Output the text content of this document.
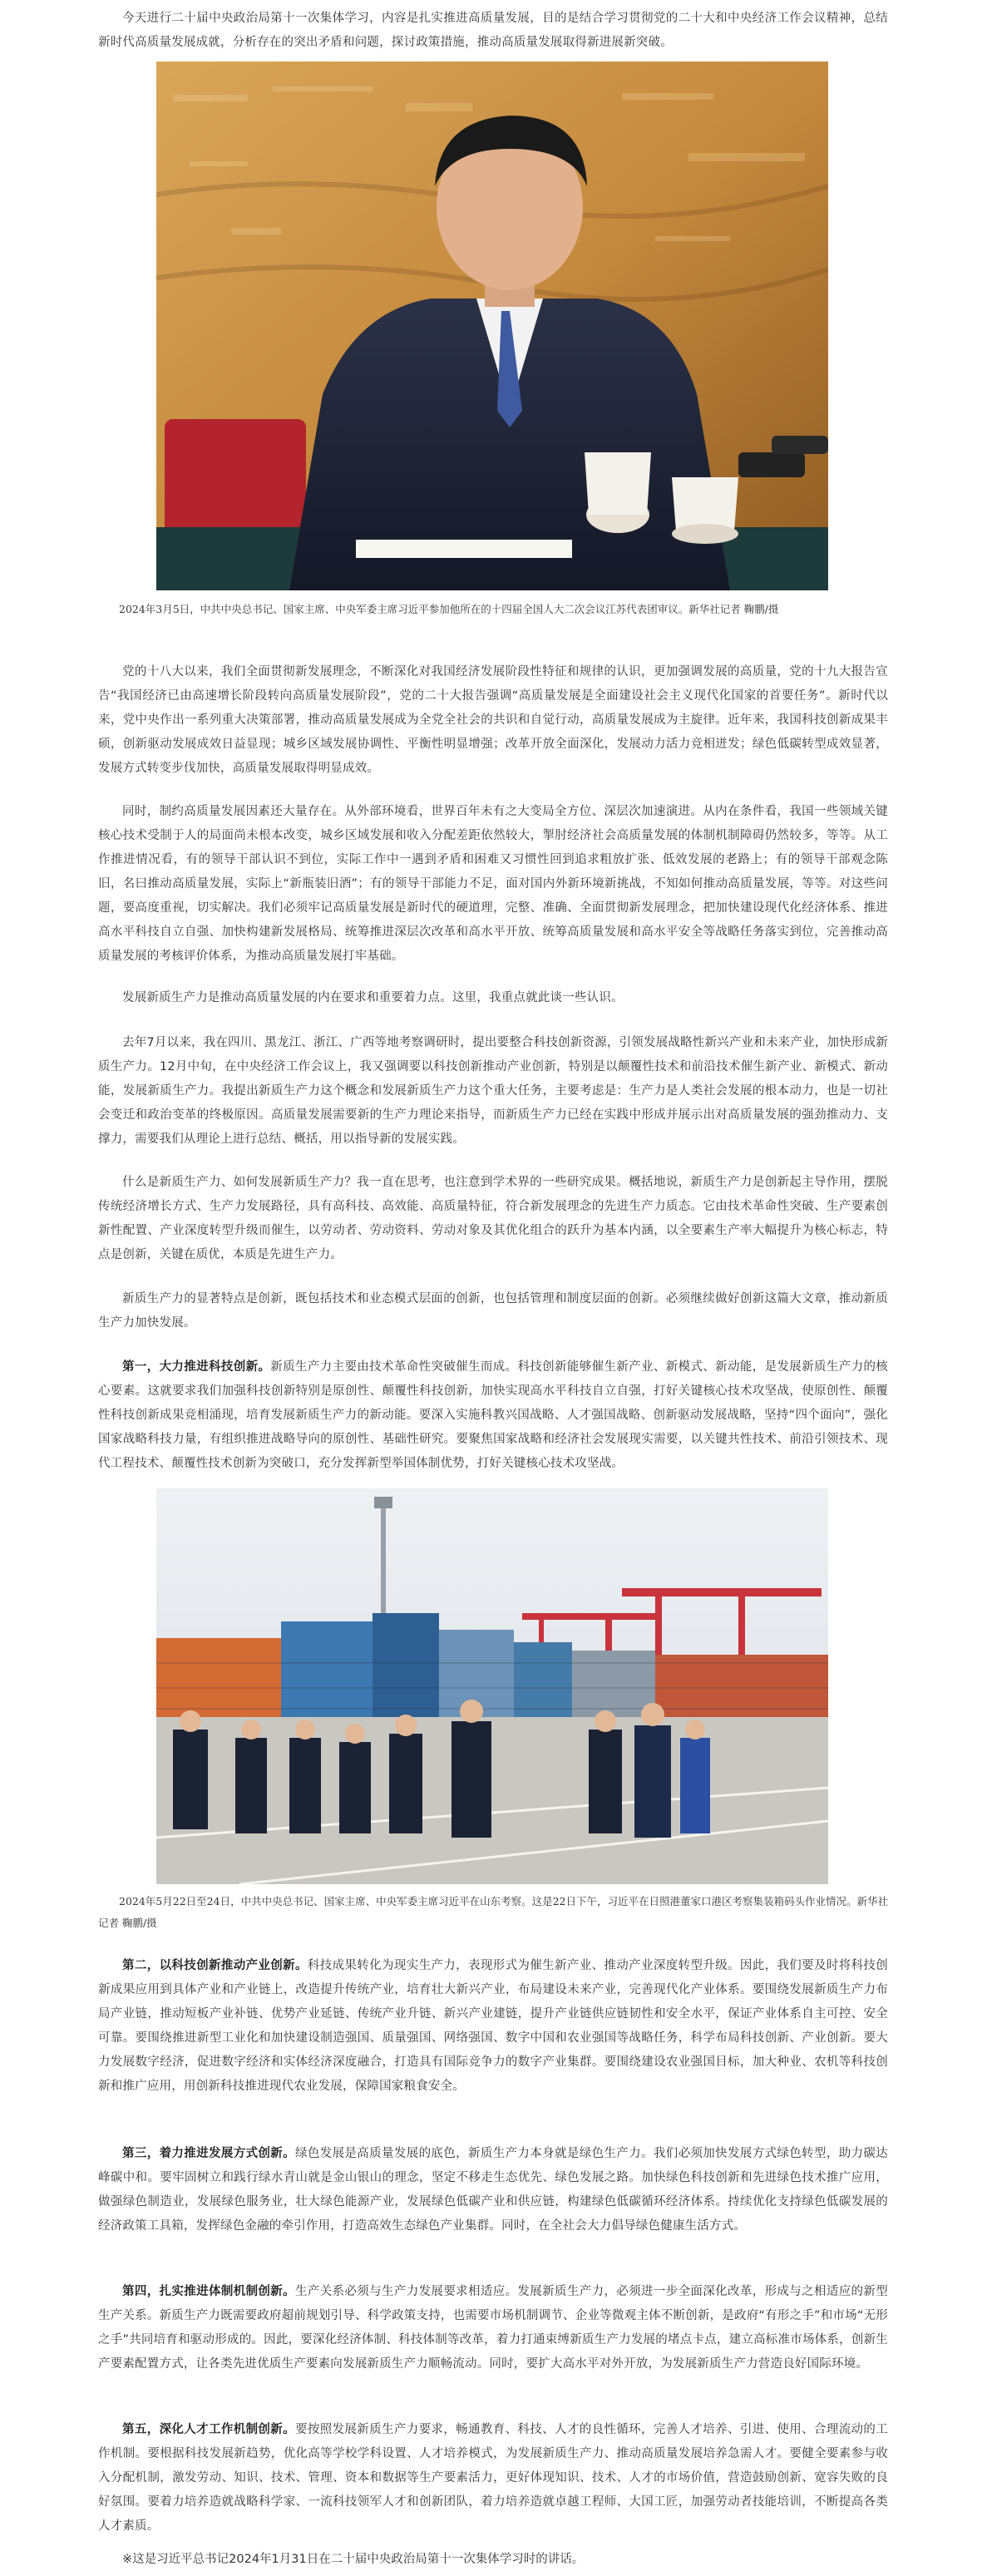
今天进行二十届中央政治局第十一次集体学习，内容是扎实推进高质量发展，目的是结合学习贯彻党的二十大和中央经济工作会议精神，总结新时代高质量发展成就，分析存在的突出矛盾和问题，探讨政策措施，推动高质量发展取得新进展新突破。

2024年3月5日，中共中央总书记、国家主席、中央军委主席习近平参加他所在的十四届全国人大二次会议江苏代表团审议。新华社记者 鞠鹏/摄

党的十八大以来，我们全面贯彻新发展理念，不断深化对我国经济发展阶段性特征和规律的认识，更加强调发展的高质量，党的十九大报告宣告“我国经济已由高速增长阶段转向高质量发展阶段”，党的二十大报告强调“高质量发展是全面建设社会主义现代化国家的首要任务”。新时代以来，党中央作出一系列重大决策部署，推动高质量发展成为全党全社会的共识和自觉行动，高质量发展成为主旋律。近年来，我国科技创新成果丰硕，创新驱动发展成效日益显现；城乡区域发展协调性、平衡性明显增强；改革开放全面深化，发展动力活力竞相迸发；绿色低碳转型成效显著，发展方式转变步伐加快，高质量发展取得明显成效。

同时，制约高质量发展因素还大量存在。从外部环境看，世界百年未有之大变局全方位、深层次加速演进。从内在条件看，我国一些领域关键核心技术受制于人的局面尚未根本改变，城乡区域发展和收入分配差距依然较大，掣肘经济社会高质量发展的体制机制障碍仍然较多，等等。从工作推进情况看，有的领导干部认识不到位，实际工作中一遇到矛盾和困难又习惯性回到追求粗放扩张、低效发展的老路上；有的领导干部观念陈旧，名曰推动高质量发展，实际上“新瓶装旧酒”；有的领导干部能力不足，面对国内外新环境新挑战，不知如何推动高质量发展，等等。对这些问题，要高度重视，切实解决。我们必须牢记高质量发展是新时代的硬道理，完整、准确、全面贯彻新发展理念，把加快建设现代化经济体系、推进高水平科技自立自强、加快构建新发展格局、统筹推进深层次改革和高水平开放、统筹高质量发展和高水平安全等战略任务落实到位，完善推动高质量发展的考核评价体系，为推动高质量发展打牢基础。

发展新质生产力是推动高质量发展的内在要求和重要着力点。这里，我重点就此谈一些认识。

去年7月以来，我在四川、黑龙江、浙江、广西等地考察调研时，提出要整合科技创新资源，引领发展战略性新兴产业和未来产业，加快形成新质生产力。12月中旬，在中央经济工作会议上，我又强调要以科技创新推动产业创新，特别是以颠覆性技术和前沿技术催生新产业、新模式、新动能，发展新质生产力。我提出新质生产力这个概念和发展新质生产力这个重大任务，主要考虑是：生产力是人类社会发展的根本动力，也是一切社会变迁和政治变革的终极原因。高质量发展需要新的生产力理论来指导，而新质生产力已经在实践中形成并展示出对高质量发展的强劲推动力、支撑力，需要我们从理论上进行总结、概括，用以指导新的发展实践。

什么是新质生产力、如何发展新质生产力？我一直在思考，也注意到学术界的一些研究成果。概括地说，新质生产力是创新起主导作用，摆脱传统经济增长方式、生产力发展路径，具有高科技、高效能、高质量特征，符合新发展理念的先进生产力质态。它由技术革命性突破、生产要素创新性配置、产业深度转型升级而催生，以劳动者、劳动资料、劳动对象及其优化组合的跃升为基本内涵，以全要素生产率大幅提升为核心标志，特点是创新，关键在质优，本质是先进生产力。

新质生产力的显著特点是创新，既包括技术和业态模式层面的创新，也包括管理和制度层面的创新。必须继续做好创新这篇大文章，推动新质生产力加快发展。

第一，大力推进科技创新。新质生产力主要由技术革命性突破催生而成。科技创新能够催生新产业、新模式、新动能，是发展新质生产力的核心要素。这就要求我们加强科技创新特别是原创性、颠覆性科技创新，加快实现高水平科技自立自强，打好关键核心技术攻坚战，使原创性、颠覆性科技创新成果竞相涌现，培育发展新质生产力的新动能。要深入实施科教兴国战略、人才强国战略、创新驱动发展战略，坚持“四个面向”，强化国家战略科技力量，有组织推进战略导向的原创性、基础性研究。要聚焦国家战略和经济社会发展现实需要，以关键共性技术、前沿引领技术、现代工程技术、颠覆性技术创新为突破口，充分发挥新型举国体制优势，打好关键核心技术攻坚战。

2024年5月22日至24日，中共中央总书记、国家主席、中央军委主席习近平在山东考察。这是22日下午，习近平在日照港董家口港区考察集装箱码头作业情况。新华社记者 鞠鹏/摄

第二，以科技创新推动产业创新。科技成果转化为现实生产力，表现形式为催生新产业、推动产业深度转型升级。因此，我们要及时将科技创新成果应用到具体产业和产业链上，改造提升传统产业，培育壮大新兴产业，布局建设未来产业，完善现代化产业体系。要围绕发展新质生产力布局产业链，推动短板产业补链、优势产业延链、传统产业升链、新兴产业建链，提升产业链供应链韧性和安全水平，保证产业体系自主可控、安全可靠。要围绕推进新型工业化和加快建设制造强国、质量强国、网络强国、数字中国和农业强国等战略任务，科学布局科技创新、产业创新。要大力发展数字经济，促进数字经济和实体经济深度融合，打造具有国际竞争力的数字产业集群。要围绕建设农业强国目标，加大种业、农机等科技创新和推广应用，用创新科技推进现代农业发展，保障国家粮食安全。

第三，着力推进发展方式创新。绿色发展是高质量发展的底色，新质生产力本身就是绿色生产力。我们必须加快发展方式绿色转型，助力碳达峰碳中和。要牢固树立和践行绿水青山就是金山银山的理念，坚定不移走生态优先、绿色发展之路。加快绿色科技创新和先进绿色技术推广应用，做强绿色制造业，发展绿色服务业，壮大绿色能源产业，发展绿色低碳产业和供应链，构建绿色低碳循环经济体系。持续优化支持绿色低碳发展的经济政策工具箱，发挥绿色金融的牵引作用，打造高效生态绿色产业集群。同时，在全社会大力倡导绿色健康生活方式。

第四，扎实推进体制机制创新。生产关系必须与生产力发展要求相适应。发展新质生产力，必须进一步全面深化改革，形成与之相适应的新型生产关系。新质生产力既需要政府超前规划引导、科学政策支持，也需要市场机制调节、企业等微观主体不断创新，是政府“有形之手”和市场“无形之手”共同培育和驱动形成的。因此，要深化经济体制、科技体制等改革，着力打通束缚新质生产力发展的堵点卡点，建立高标准市场体系，创新生产要素配置方式，让各类先进优质生产要素向发展新质生产力顺畅流动。同时，要扩大高水平对外开放，为发展新质生产力营造良好国际环境。

第五，深化人才工作机制创新。要按照发展新质生产力要求，畅通教育、科技、人才的良性循环，完善人才培养、引进、使用、合理流动的工作机制。要根据科技发展新趋势，优化高等学校学科设置、人才培养模式，为发展新质生产力、推动高质量发展培养急需人才。要健全要素参与收入分配机制，激发劳动、知识、技术、管理、资本和数据等生产要素活力，更好体现知识、技术、人才的市场价值，营造鼓励创新、宽容失败的良好氛围。要着力培养造就战略科学家、一流科技领军人才和创新团队，着力培养造就卓越工程师、大国工匠，加强劳动者技能培训，不断提高各类人才素质。

※这是习近平总书记2024年1月31日在二十届中央政治局第十一次集体学习时的讲话。
